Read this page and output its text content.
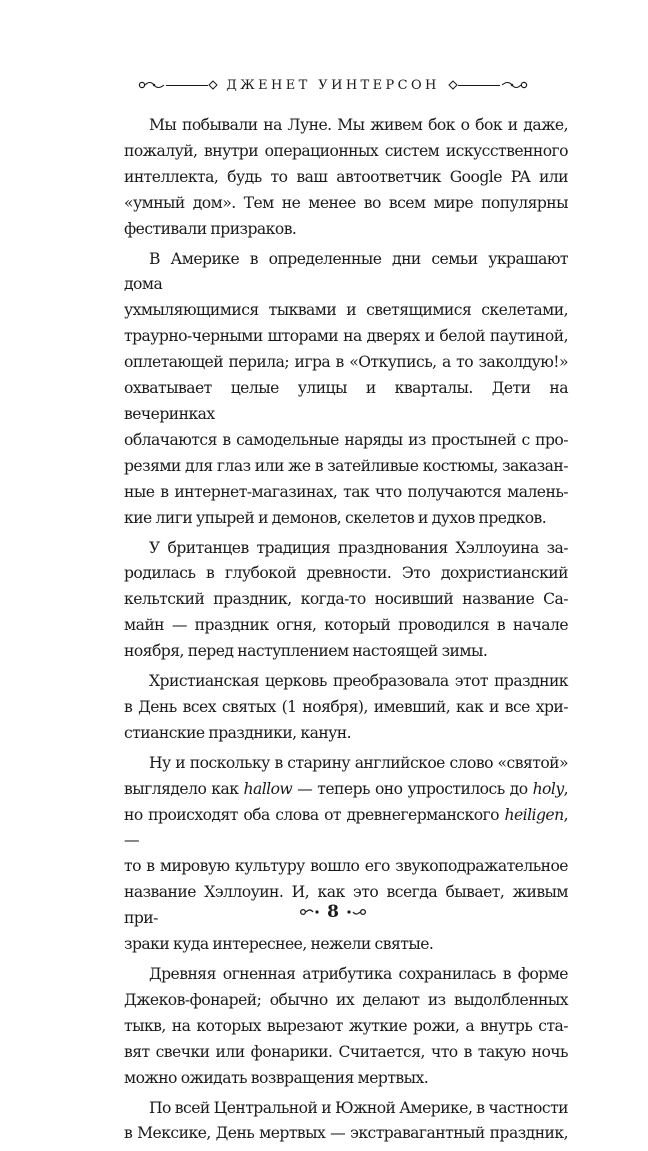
ДЖЕНЕТ УИНТЕРСОН

Мы побывали на Луне. Мы живем бок о бок и даже,
пожалуй, внутри операционных систем искусственного
интеллекта, будь то ваш автоответчик Google PA или
«умный дом». Тем не менее во всем мире популярны
фестивали призраков.

В Америке в определенные дни семьи украшают дома
ухмыляющимися тыквами и светящимися скелетами,
траурно-черными шторами на дверях и белой паутиной,
оплетающей перила; игра в «Откупись, а то заколдую!»
охватывает целые улицы и кварталы. Дети на вечеринках
облачаются в самодельные наряды из простыней с про-
резями для глаз или же в затейливые костюмы, заказан-
ные в интернет-магазинах, так что получаются малень-
кие лиги упырей и демонов, скелетов и духов предков.

У британцев традиция празднования Хэллоуина за-
родилась в глубокой древности. Это дохристианский
кельтский праздник, когда-то носивший название Са-
майн — праздник огня, который проводился в начале
ноября, перед наступлением настоящей зимы.

Христианская церковь преобразовала этот праздник
в День всех святых (1 ноября), имевший, как и все хри-
стианские праздники, канун.

Ну и поскольку в старину английское слово «святой»
выглядело как hallow — теперь оно упростилось до holy,
но происходят оба слова от древнегерманского heiligen, —
то в мировую культуру вошло его звукоподражательное
название Хэллоуин. И, как это всегда бывает, живым при-
зраки куда интереснее, нежели святые.

Древняя огненная атрибутика сохранилась в форме
Джеков-фонарей; обычно их делают из выдолбленных
тыкв, на которых вырезают жуткие рожи, а внутрь ста-
вят свечки или фонарики. Считается, что в такую ночь
можно ожидать возвращения мертвых.

По всей Центральной и Южной Америке, в частности
в Мексике, День мертвых — экстравагантный праздник,

8
